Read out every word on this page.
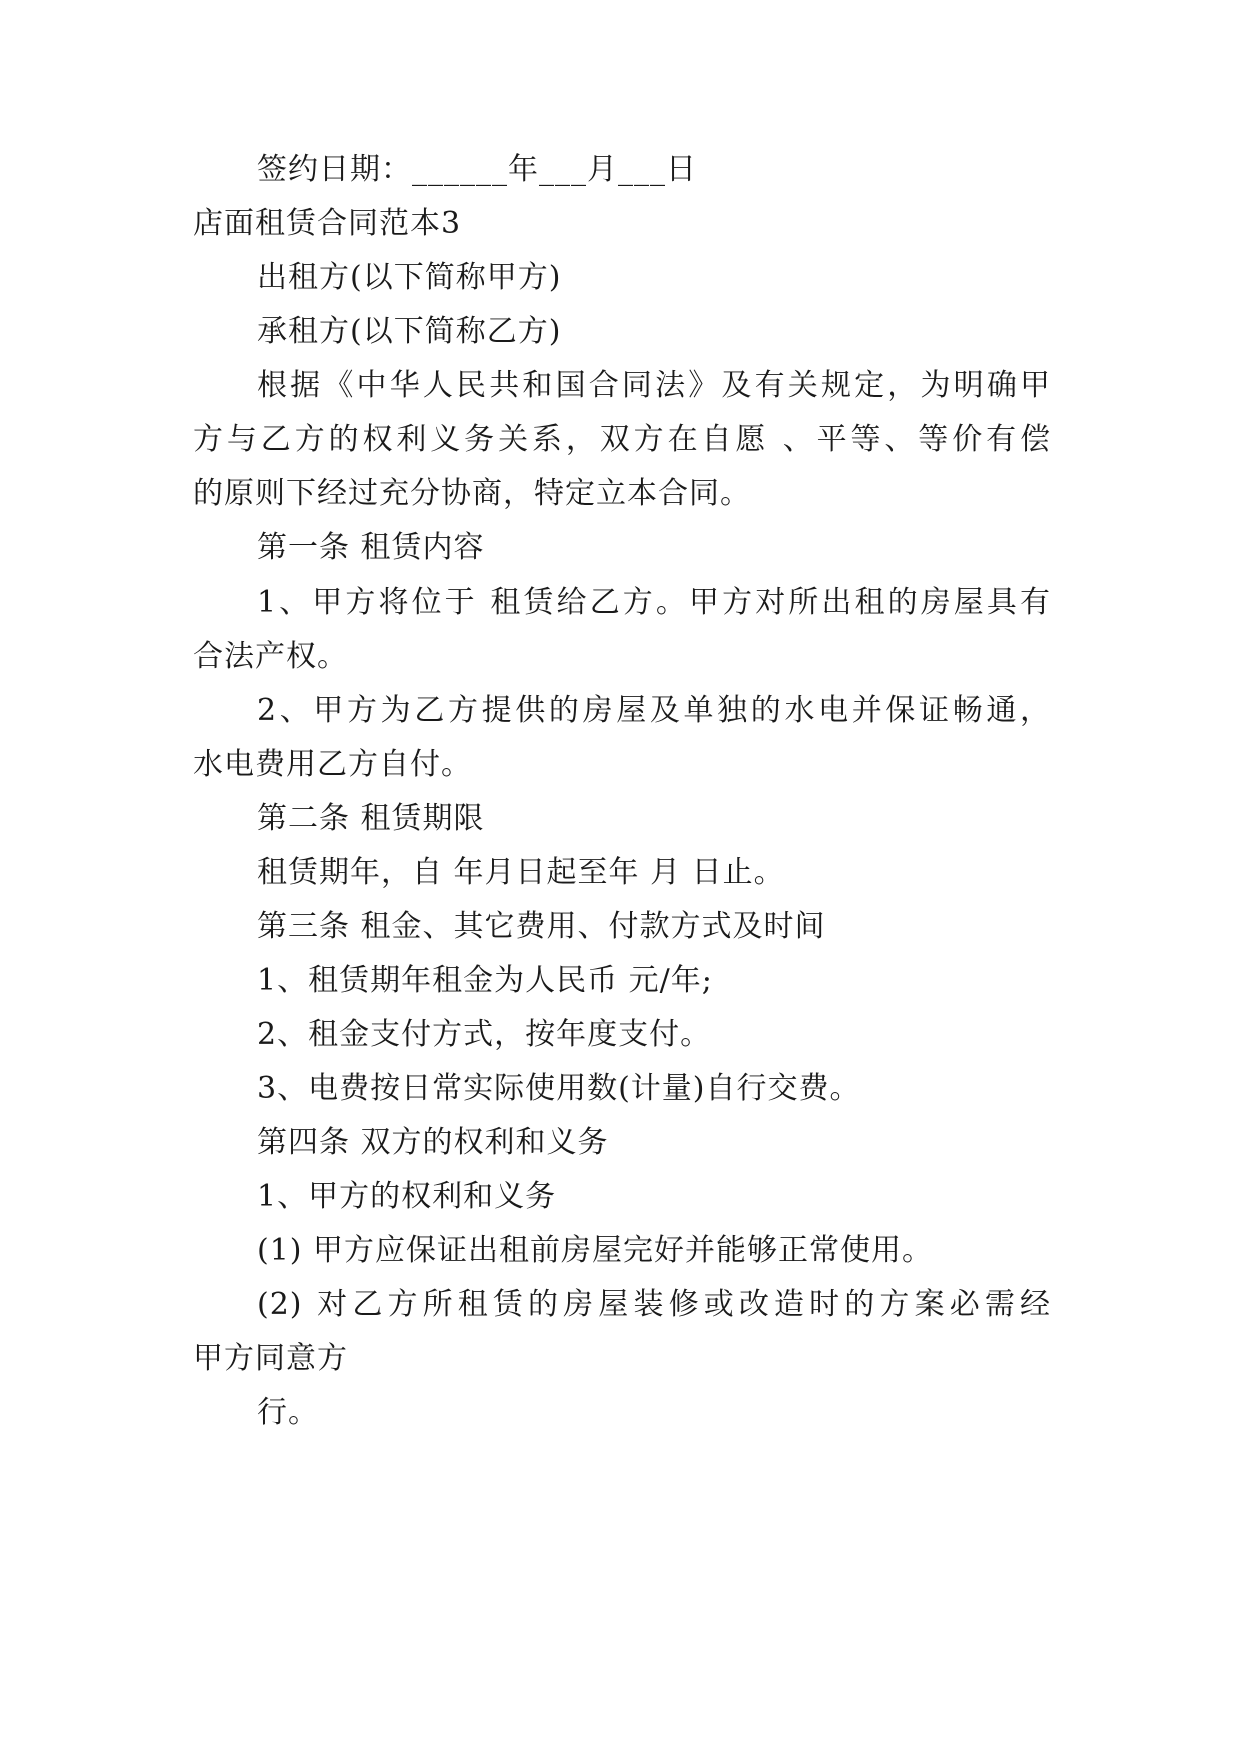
签约日期：______年___月___日
店面租赁合同范本3
出租方(以下简称甲方)
承租方(以下简称乙方)
根据《中华人民共和国合同法》及有关规定，为明确甲
方与乙方的权利义务关系，双方在自愿 、平等、等价有偿
的原则下经过充分协商，特定立本合同。
第一条 租赁内容
1、甲方将位于 租赁给乙方。甲方对所出租的房屋具有
合法产权。
2、甲方为乙方提供的房屋及单独的水电并保证畅通，
水电费用乙方自付。
第二条 租赁期限
租赁期年，自 年月日起至年 月 日止。
第三条 租金、其它费用、付款方式及时间
1、租赁期年租金为人民币 元/年;
2、租金支付方式，按年度支付。
3、电费按日常实际使用数(计量)自行交费。
第四条 双方的权利和义务
1、甲方的权利和义务
(1) 甲方应保证出租前房屋完好并能够正常使用。
(2) 对乙方所租赁的房屋装修或改造时的方案必需经
甲方同意方
行。
